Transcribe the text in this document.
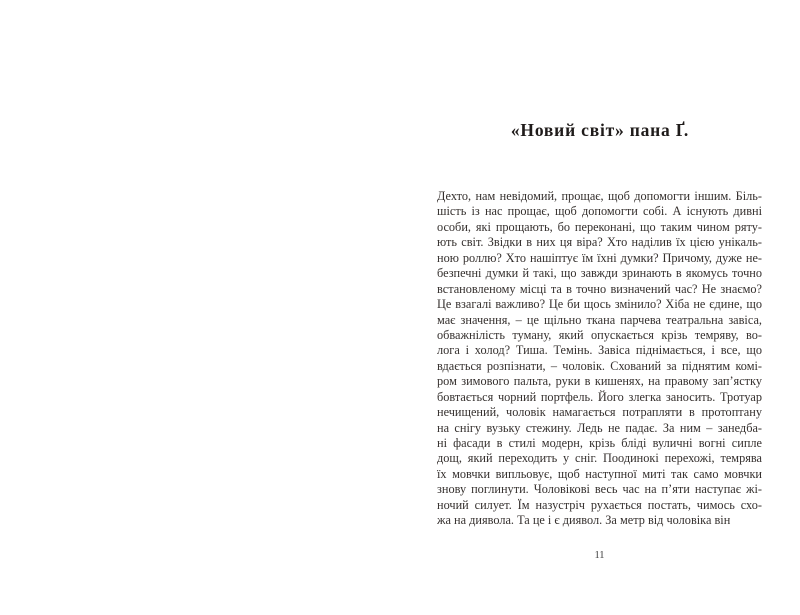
«Новий світ» пана Ґ.
Дехто, нам невідомий, прощає, щоб допомогти іншим. Біль-
шість із нас прощає, щоб допомогти собі. А існують дивні
особи, які прощають, бо переконані, що таким чином ряту-
ють світ. Звідки в них ця віра? Хто наділив їх цією унікаль-
ною роллю? Хто нашіптує їм їхні думки? Причому, дуже не-
безпечні думки й такі, що завжди зринають в якомусь точно
встановленому місці та в точно визначений час? Не знаємо?
Це взагалі важливо? Це би щось змінило? Хіба не єдине, що
має значення, – це щільно ткана парчева театральна завіса,
обважнілість туману, який опускається крізь темряву, во-
лога і холод? Тиша. Темінь. Завіса піднімається, і все, що
вдається розпізнати, – чоловік. Схований за піднятим комі-
ром зимового пальта, руки в кишенях, на правому зап’ястку
бовтається чорний портфель. Його злегка заносить. Тротуар
нечищений, чоловік намагається потрапляти в протоптану
на снігу вузьку стежину. Ледь не падає. За ним – занедба-
ні фасади в стилі модерн, крізь бліді вуличні вогні сипле
дощ, який переходить у сніг. Поодинокі перехожі, темрява
їх мовчки випльовує, щоб наступної миті так само мовчки
знову поглинути. Чоловікові весь час на п’яти наступає жі-
ночий силует. Їм назустріч рухається постать, чимось схо-
жа на диявола. Та це і є диявол. За метр від чоловіка він
11
